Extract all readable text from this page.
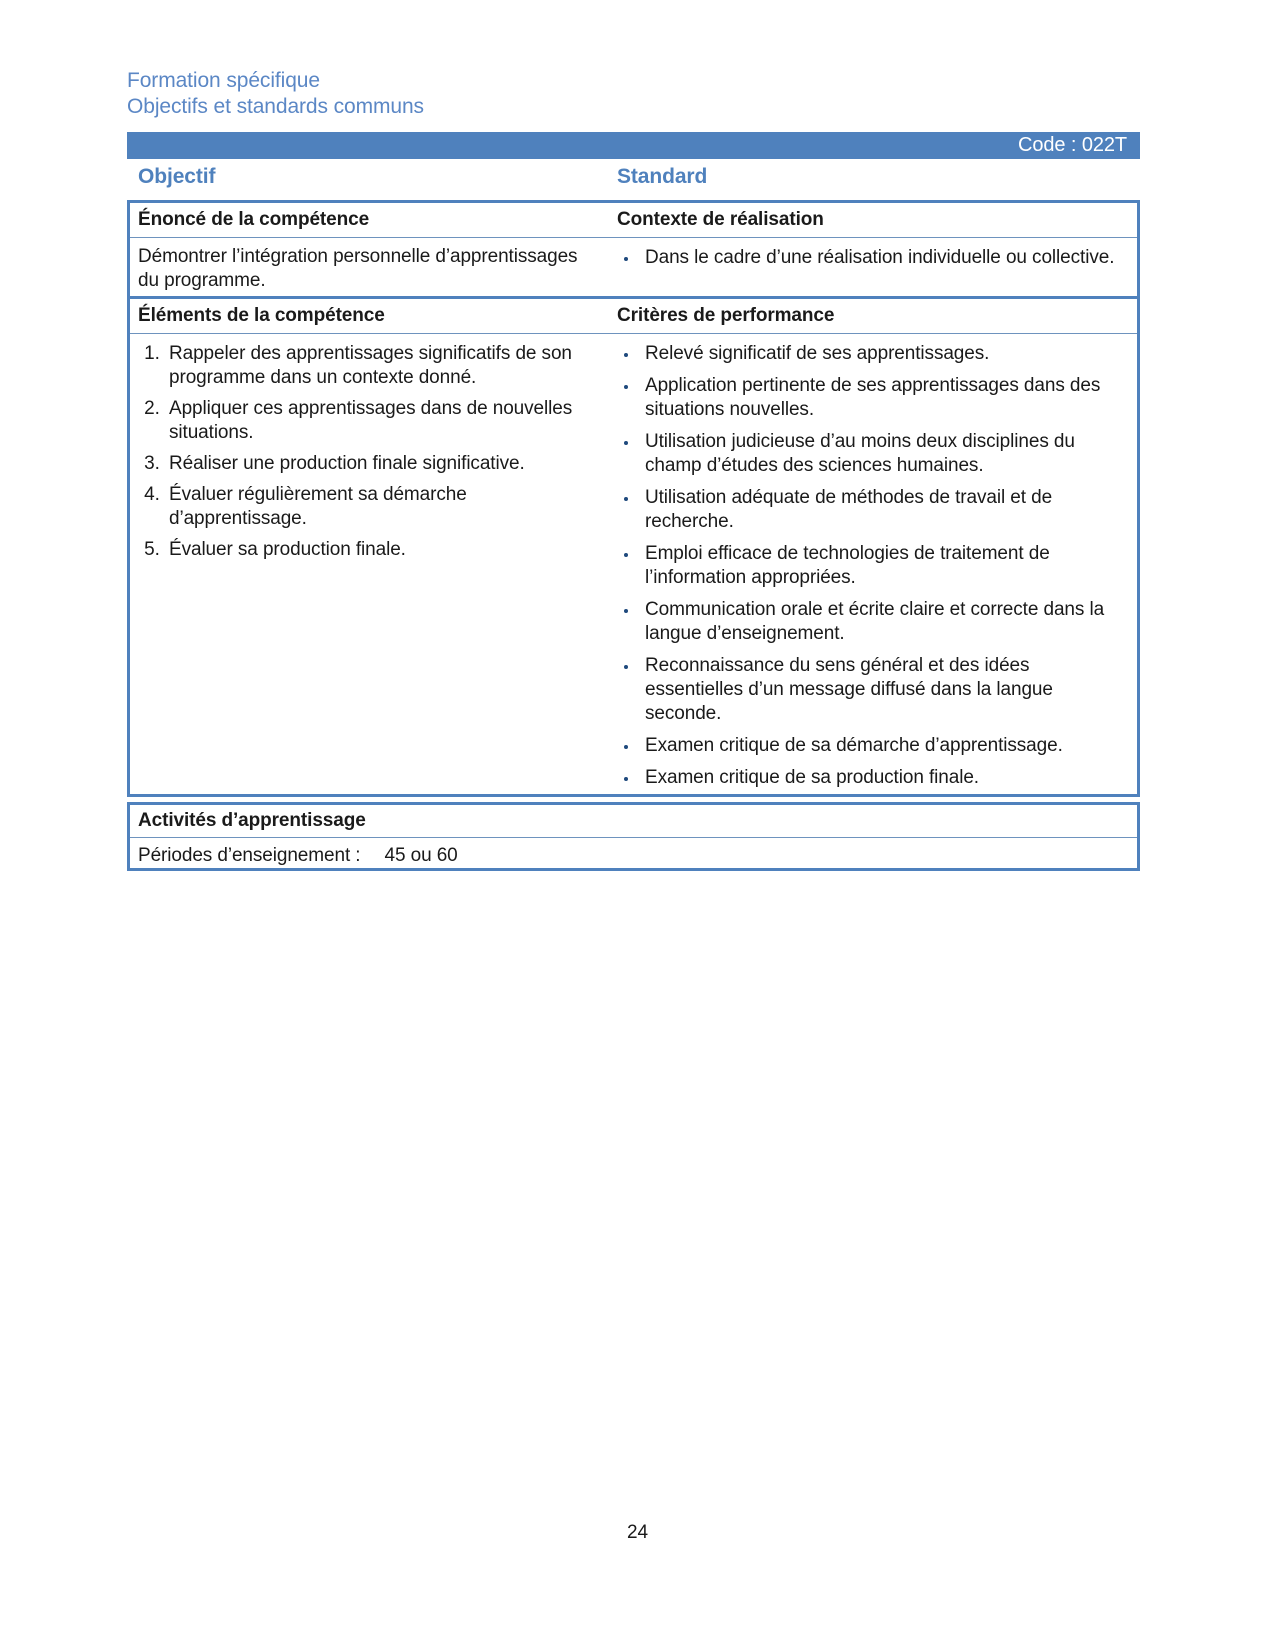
Formation spécifique
Objectifs et standards communs
Code : 022T
Objectif	Standard
Énoncé de la compétence	Contexte de réalisation

Démontrer l’intégration personnelle d’apprentissages du programme.

• Dans le cadre d’une réalisation individuelle ou collective.
Éléments de la compétence	Critères de performance
1. Rappeler des apprentissages significatifs de son programme dans un contexte donné.
2. Appliquer ces apprentissages dans de nouvelles situations.
3. Réaliser une production finale significative.
4. Évaluer régulièrement sa démarche d’apprentissage.
5. Évaluer sa production finale.
• Relevé significatif de ses apprentissages.
• Application pertinente de ses apprentissages dans des situations nouvelles.
• Utilisation judicieuse d’au moins deux disciplines du champ d’études des sciences humaines.
• Utilisation adéquate de méthodes de travail et de recherche.
• Emploi efficace de technologies de traitement de l’information appropriées.
• Communication orale et écrite claire et correcte dans la langue d’enseignement.
• Reconnaissance du sens général et des idées essentielles d’un message diffusé dans la langue seconde.
• Examen critique de sa démarche d’apprentissage.
• Examen critique de sa production finale.
Activités d’apprentissage
Périodes d’enseignement : 45 ou 60
24
